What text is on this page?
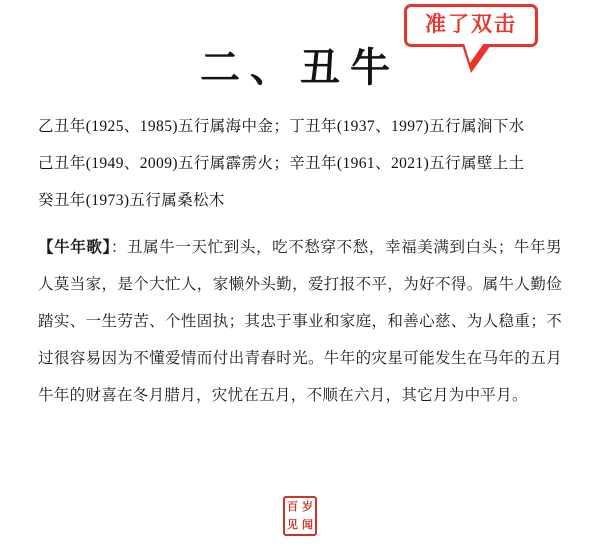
二、丑牛
准了双击

乙丑年(1925、1985)五行属海中金；丁丑年(1937、1997)五行属涧下水

己丑年(1949、2009)五行属霹雳火；辛丑年(1961、2021)五行属壁上土

癸丑年(1973)五行属桑松木

【牛年歌】：丑属牛一天忙到头，吃不愁穿不愁，幸福美满到白头；牛年男人莫当家，是个大忙人，家懒外头勤，爱打报不平，为好不得。属牛人勤俭踏实、一生劳苦、个性固执；其忠于事业和家庭，和善心慈、为人稳重；不过很容易因为不懂爱情而付出青春时光。牛年的灾星可能发生在马年的五月牛年的财喜在冬月腊月，灾忧在五月，不顺在六月，其它月为中平月。

百 岁
见 闻
